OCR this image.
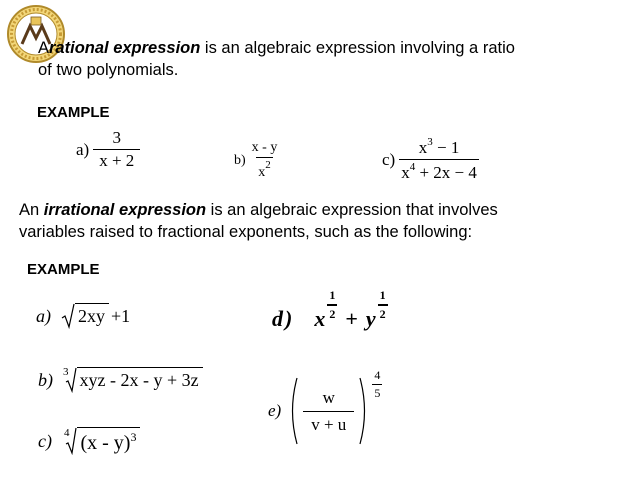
Arational expression is an algebraic expression involving a ratio
of two polynomials.
EXAMPLE
$a) \frac{3}{x + 2}$	$b) \frac{x - y}{x^2}$	$c) \frac{x^3 - 1}{x^4 + 2x - 4}$
An irrational expression is an algebraic expression that involves
variables raised to fractional exponents, such as the following:
EXAMPLE
a) 2xy +1	d) x $\frac{1}{2} + y \frac{1}{2}$
b) 3 xyz - 2x - y + 3z
$e) \frac{w}{v + u}$
$\frac{4}{5}$
c) 4 (x - y)$^3$
